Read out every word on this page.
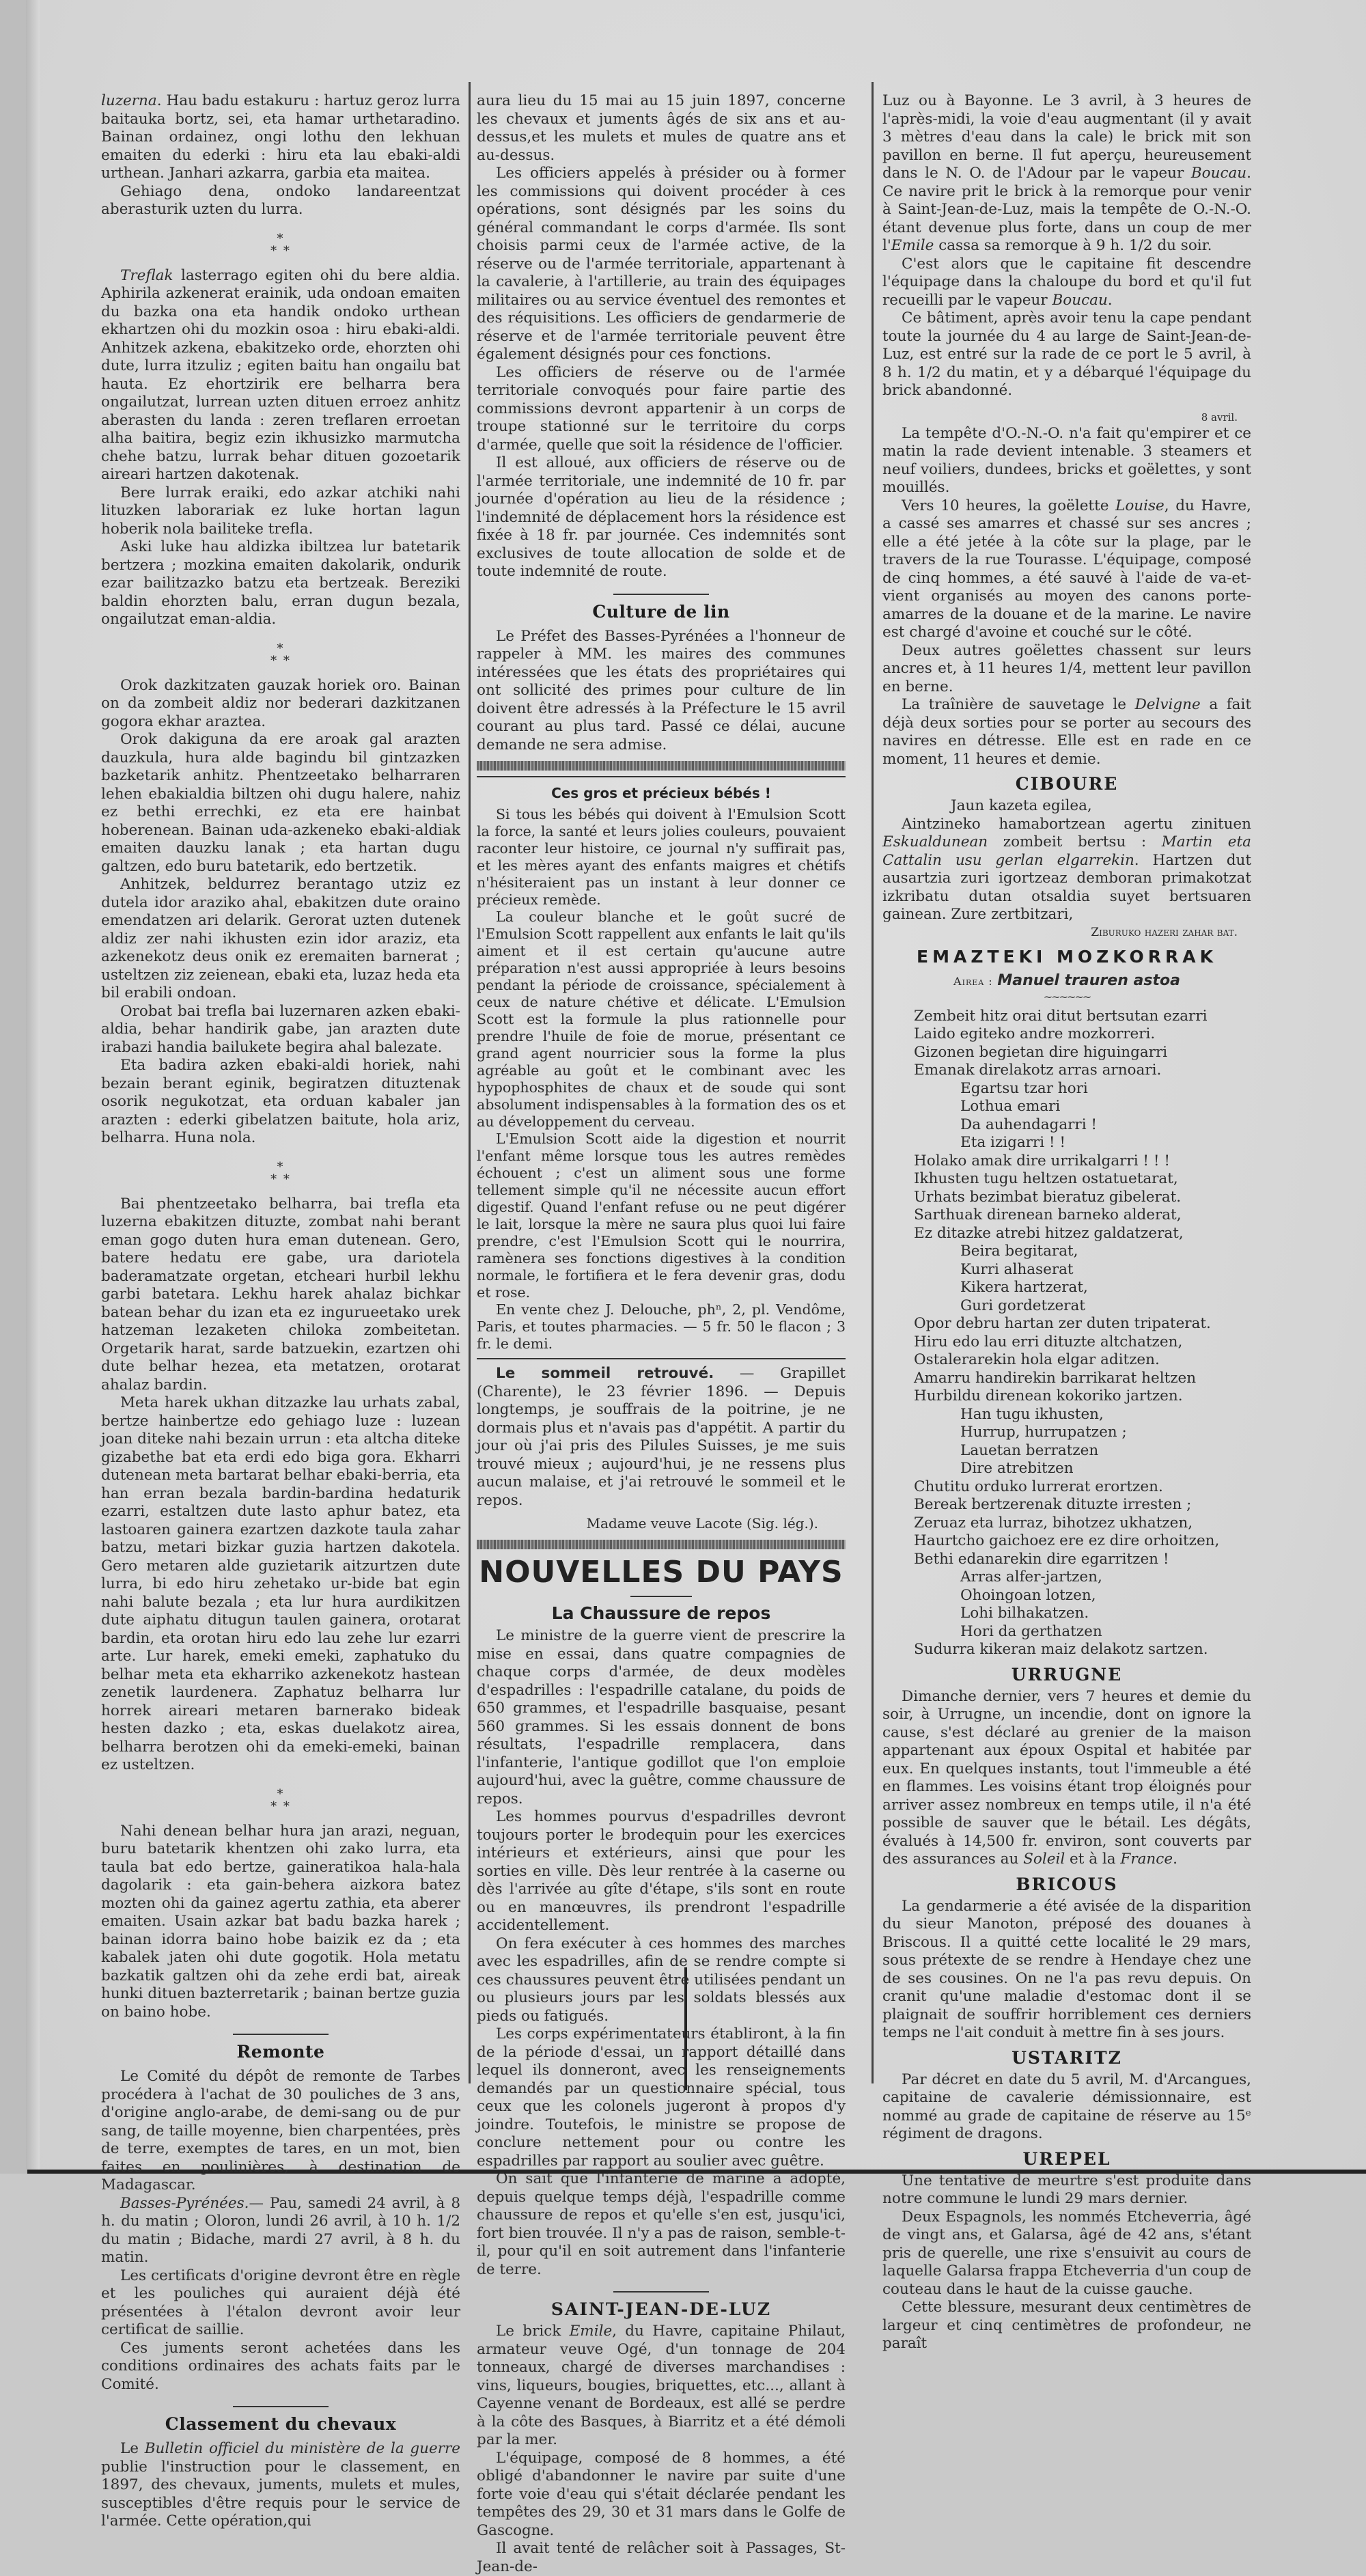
luzerna. Hau badu estakuru : hartuz geroz lurra baitauka bortz, sei, eta hamar urthetaradino. Bainan ordainez, ongi lothu den lekhuan emaiten du ederki : hiru eta lau ebaki-aldi urthean. Janhari azkarra, garbia eta maitea.

Gehiago dena, ondoko landareentzat aberasturik uzten du lurra.

*
* *

Treflak lasterrago egiten ohi du bere aldia. Aphirila azkenerat erainik, uda ondoan emaiten du bazka ona eta handik ondoko urthean ekhartzen ohi du mozkin osoa : hiru ebaki-aldi. Anhitzek azkena, ebakitzeko orde, ehorzten ohi dute, lurra itzuliz ; egiten baitu han ongailu bat hauta. Ez ehortzirik ere belharra bera ongailutzat, lurrean uzten dituen erroez anhitz aberasten du landa : zeren treflaren erroetan alha baitira, begiz ezin ikhusizko marmutcha chehe batzu, lurrak behar dituen gozoetarik aireari hartzen dakotenak.

Bere lurrak eraiki, edo azkar atchiki nahi lituzken laborariak ez luke hortan lagun hoberik nola bailiteke trefla.

Aski luke hau aldizka ibiltzea lur batetarik bertzera ; mozkina emaiten dakolarik, ondurik ezar bailitzazko batzu eta bertzeak. Bereziki baldin ehorzten balu, erran dugun bezala, ongailutzat eman-aldia.

*
* *

Orok dazkitzaten gauzak horiek oro. Bainan on da zombeit aldiz nor bederari dazkitzanen gogora ekhar araztea.

Orok dakiguna da ere aroak gal arazten dauzkula, hura alde bagindu bil gintzazken bazketarik anhitz. Phentzeetako belharraren lehen ebakialdia biltzen ohi dugu halere, nahiz ez bethi errechki, ez eta ere hainbat hoberenean. Bainan uda-azkeneko ebaki-aldiak emaiten dauzku lanak ; eta hartan dugu galtzen, edo buru batetarik, edo bertzetik.

Anhitzek, beldurrez berantago utziz ez dutela idor araziko ahal, ebakitzen dute oraino emendatzen ari delarik. Gerorat uzten dutenek aldiz zer nahi ikhusten ezin idor araziz, eta azkenekotz deus onik ez eremaiten barnerat ; usteltzen ziz zeienean, ebaki eta, luzaz heda eta bil erabili ondoan.

Orobat bai trefla bai luzernaren azken ebaki-aldia, behar handirik gabe, jan arazten dute irabazi handia bailukete begira ahal balezate.

Eta badira azken ebaki-aldi horiek, nahi bezain berant eginik, begiratzen dituztenak osorik negukotzat, eta orduan kabaler jan arazten : ederki gibelatzen baitute, hola ariz, belharra. Huna nola.

*
* *

Bai phentzeetako belharra, bai trefla eta luzerna ebakitzen dituzte, zombat nahi berant eman gogo duten hura eman dutenean. Gero, batere hedatu ere gabe, ura dariotela baderamatzate orgetan, etcheari hurbil lekhu garbi batetara. Lekhu harek ahalaz bichkar batean behar du izan eta ez ingurueetako urek hatzeman lezaketen chiloka zombeitetan. Orgetarik harat, sarde batzuekin, ezartzen ohi dute belhar hezea, eta metatzen, orotarat ahalaz bardin.

Meta harek ukhan ditzazke lau urhats zabal, bertze hainbertze edo gehiago luze : luzean joan diteke nahi bezain urrun : eta altcha diteke gizabethe bat eta erdi edo biga gora. Ekharri dutenean meta bartarat belhar ebaki-berria, eta han erran bezala bardin-bardina hedaturik ezarri, estaltzen dute lasto aphur batez, eta lastoaren gainera ezartzen dazkote taula zahar batzu, metari bizkar guzia hartzen dakotela. Gero metaren alde guzietarik aitzurtzen dute lurra, bi edo hiru zehetako ur-bide bat egin nahi balute bezala ; eta lur hura aurdikitzen dute aiphatu ditugun taulen gainera, orotarat bardin, eta orotan hiru edo lau zehe lur ezarri arte. Lur harek, emeki emeki, zaphatuko du belhar meta eta ekharriko azkenekotz hastean zenetik laurdenera. Zaphatuz belharra lur horrek aireari metaren barnerako bideak hesten dazko ; eta, eskas duelakotz airea, belharra berotzen ohi da emeki-emeki, bainan ez usteltzen.

*
* *

Nahi denean belhar hura jan arazi, neguan, buru batetarik khentzen ohi zako lurra, eta taula bat edo bertze, gaineratikoa hala-hala dagolarik : eta gain-behera aizkora batez mozten ohi da gainez agertu zathia, eta aberer emaiten. Usain azkar bat badu bazka harek ; bainan idorra baino hobe baizik ez da ; eta kabalek jaten ohi dute gogotik. Hola metatu bazkatik galtzen ohi da zehe erdi bat, aireak hunki dituen bazterretarik ; bainan bertze guzia on baino hobe.

Remonte

Le Comité du dépôt de remonte de Tarbes procédera à l'achat de 30 pouliches de 3 ans, d'origine anglo-arabe, de demi-sang ou de pur sang, de taille moyenne, bien charpentées, près de terre, exemptes de tares, en un mot, bien faites en poulinières, à destination de Madagascar.

Basses-Pyrénées.— Pau, samedi 24 avril, à 8 h. du matin ; Oloron, lundi 26 avril, à 10 h. 1/2 du matin ; Bidache, mardi 27 avril, à 8 h. du matin.

Les certificats d'origine devront être en règle et les pouliches qui auraient déjà été présentées à l'étalon devront avoir leur certificat de saillie.

Ces juments seront achetées dans les conditions ordinaires des achats faits par le Comité.

Classement du chevaux

Le Bulletin officiel du ministère de la guerre publie l'instruction pour le classement, en 1897, des chevaux, juments, mulets et mules, susceptibles d'être requis pour le service de l'armée. Cette opération,qui

aura lieu du 15 mai au 15 juin 1897, concerne les chevaux et juments âgés de six ans et au-dessus,et les mulets et mules de quatre ans et au-dessus.

Les officiers appelés à présider ou à former les commissions qui doivent procéder à ces opérations, sont désignés par les soins du général commandant le corps d'armée. Ils sont choisis parmi ceux de l'armée active, de la réserve ou de l'armée territoriale, appartenant à la cavalerie, à l'artillerie, au train des équipages militaires ou au service éventuel des remontes et des réquisitions. Les officiers de gendarmerie de réserve et de l'armée territoriale peuvent être également désignés pour ces fonctions.

Les officiers de réserve ou de l'armée territoriale convoqués pour faire partie des commissions devront appartenir à un corps de troupe stationné sur le territoire du corps d'armée, quelle que soit la résidence de l'officier.

Il est alloué, aux officiers de réserve ou de l'armée territoriale, une indemnité de 10 fr. par journée d'opération au lieu de la résidence ; l'indemnité de déplacement hors la résidence est fixée à 18 fr. par journée. Ces indemnités sont exclusives de toute allocation de solde et de toute indemnité de route.

Culture de lin

Le Préfet des Basses-Pyrénées a l'honneur de rappeler à MM. les maires des communes intéressées que les états des propriétaires qui ont sollicité des primes pour culture de lin doivent être adressés à la Préfecture le 15 avril courant au plus tard. Passé ce délai, aucune demande ne sera admise.

Ces gros et précieux bébés !

Si tous les bébés qui doivent à l'Emulsion Scott la force, la santé et leurs jolies couleurs, pouvaient raconter leur histoire, ce journal n'y suffirait pas, et les mères ayant des enfants maigres et chétifs n'hésiteraient pas un instant à leur donner ce précieux remède.

La couleur blanche et le goût sucré de l'Emulsion Scott rappellent aux enfants le lait qu'ils aiment et il est certain qu'aucune autre préparation n'est aussi appropriée à leurs besoins pendant la période de croissance, spécialement à ceux de nature chétive et délicate. L'Emulsion Scott est la formule la plus rationnelle pour prendre l'huile de foie de morue, présentant ce grand agent nourricier sous la forme la plus agréable au goût et le combinant avec les hypophosphites de chaux et de soude qui sont absolument indispensables à la formation des os et au développement du cerveau.

L'Emulsion Scott aide la digestion et nourrit l'enfant même lorsque tous les autres remèdes échouent ; c'est un aliment sous une forme tellement simple qu'il ne nécessite aucun effort digestif. Quand l'enfant refuse ou ne peut digérer le lait, lorsque la mère ne saura plus quoi lui faire prendre, c'est l'Emulsion Scott qui le nourrira, ramènera ses fonctions digestives à la condition normale, le fortifiera et le fera devenir gras, dodu et rose.

En vente chez J. Delouche, phⁿ, 2, pl. Vendôme, Paris, et toutes pharmacies. — 5 fr. 50 le flacon ; 3 fr. le demi.

Le sommeil retrouvé. — Grapillet (Charente), le 23 février 1896. — Depuis longtemps, je souffrais de la poitrine, je ne dormais plus et n'avais pas d'appétit. A partir du jour où j'ai pris des Pilules Suisses, je me suis trouvé mieux ; aujourd'hui, je ne ressens plus aucun malaise, et j'ai retrouvé le sommeil et le repos.

Madame veuve Lacote (Sig. lég.).
NOUVELLES DU PAYS
La Chaussure de repos

Le ministre de la guerre vient de prescrire la mise en essai, dans quatre compagnies de chaque corps d'armée, de deux modèles d'espadrilles : l'espadrille catalane, du poids de 650 grammes, et l'espadrille basquaise, pesant 560 grammes. Si les essais donnent de bons résultats, l'espadrille remplacera, dans l'infanterie, l'antique godillot que l'on emploie aujourd'hui, avec la guêtre, comme chaussure de repos.

Les hommes pourvus d'espadrilles devront toujours porter le brodequin pour les exercices intérieurs et extérieurs, ainsi que pour les sorties en ville. Dès leur rentrée à la caserne ou dès l'arrivée au gîte d'étape, s'ils sont en route ou en manœuvres, ils prendront l'espadrille accidentellement.

On fera exécuter à ces hommes des marches avec les espadrilles, afin de se rendre compte si ces chaussures peuvent être utilisées pendant un ou plusieurs jours par les soldats blessés aux pieds ou fatigués.

Les corps expérimentateurs établiront, à la fin de la période d'essai, un rapport détaillé dans lequel ils donneront, avec les renseignements demandés par un questionnaire spécial, tous ceux que les colonels jugeront à propos d'y joindre. Toutefois, le ministre se propose de conclure nettement pour ou contre les espadrilles par rapport au soulier avec guêtre.

On sait que l'infanterie de marine a adopté, depuis quelque temps déjà, l'espadrille comme chaussure de repos et qu'elle s'en est, jusqu'ici, fort bien trouvée. Il n'y a pas de raison, semble-t-il, pour qu'il en soit autrement dans l'infanterie de terre.

SAINT-JEAN-DE-LUZ

Le brick Emile, du Havre, capitaine Philaut, armateur veuve Ogé, d'un tonnage de 204 tonneaux, chargé de diverses marchandises : vins, liqueurs, bougies, briquettes, etc..., allant à Cayenne venant de Bordeaux, est allé se perdre à la côte des Basques, à Biarritz et a été démoli par la mer.

L'équipage, composé de 8 hommes, a été obligé d'abandonner le navire par suite d'une forte voie d'eau qui s'était déclarée pendant les tempêtes des 29, 30 et 31 mars dans le Golfe de Gascogne.

Il avait tenté de relâcher soit à Passages, St-Jean-de-

Luz ou à Bayonne. Le 3 avril, à 3 heures de l'après-midi, la voie d'eau augmentant (il y avait 3 mètres d'eau dans la cale) le brick mit son pavillon en berne. Il fut aperçu, heureusement dans le N. O. de l'Adour par le vapeur Boucau. Ce navire prit le brick à la remorque pour venir à Saint-Jean-de-Luz, mais la tempête de O.-N.-O. étant devenue plus forte, dans un coup de mer l'Emile cassa sa remorque à 9 h. 1/2 du soir.

C'est alors que le capitaine fit descendre l'équipage dans la chaloupe du bord et qu'il fut recueilli par le vapeur Boucau.

Ce bâtiment, après avoir tenu la cape pendant toute la journée du 4 au large de Saint-Jean-de-Luz, est entré sur la rade de ce port le 5 avril, à 8 h. 1/2 du matin, et y a débarqué l'équipage du brick abandonné.

8 avril.

La tempête d'O.-N.-O. n'a fait qu'empirer et ce matin la rade devient intenable. 3 steamers et neuf voiliers, dundees, bricks et goëlettes, y sont mouillés.

Vers 10 heures, la goëlette Louise, du Havre, a cassé ses amarres et chassé sur ses ancres ; elle a été jetée à la côte sur la plage, par le travers de la rue Tourasse. L'équipage, composé de cinq hommes, a été sauvé à l'aide de va-et-vient organisés au moyen des canons porte-amarres de la douane et de la marine. Le navire est chargé d'avoine et couché sur le côté.

Deux autres goëlettes chassent sur leurs ancres et, à 11 heures 1/4, mettent leur pavillon en berne.

La traînière de sauvetage le Delvigne a fait déjà deux sorties pour se porter au secours des navires en détresse. Elle est en rade en ce moment, 11 heures et demie.

CIBOURE

Jaun kazeta egilea,

Aintzineko hamabortzean agertu zinituen Eskualdunean zombeit bertsu : Martin eta Cattalin usu gerlan elgarrekin. Hartzen dut ausartzia zuri igortzeaz demboran primakotzat izkribatu dutan otsaldia suyet bertsuaren gainean. Zure zertbitzari,

Ziburuko hazeri zahar bat.
EMAZTEKI MOZKORRAK
Airea : Manuel trauren astoa
~~~~~~
Zembeit hitz orai ditut bertsutan ezarri
Laido egiteko andre mozkorreri.
Gizonen begietan dire higuingarri
Emanak direlakotz arras arnoari.
Egartsu tzar hori
Lothua emari
Da auhendagarri !
Eta izigarri ! !
Holako amak dire urrikalgarri ! ! !
Ikhusten tugu heltzen ostatuetarat,
Urhats bezimbat bieratuz gibelerat.
Sarthuak direnean barneko alderat,
Ez ditazke atrebi hitzez galdatzerat,
Beira begitarat,
Kurri alhaserat
Kikera hartzerat,
Guri gordetzerat
Opor debru hartan zer duten tripaterat.
Hiru edo lau erri dituzte altchatzen,
Ostalerarekin hola elgar aditzen.
Amarru handirekin barrikarat heltzen
Hurbildu direnean kokoriko jartzen.
Han tugu ikhusten,
Hurrup, hurrupatzen ;
Lauetan berratzen
Dire atrebitzen
Chutitu orduko lurrerat erortzen.
Bereak bertzerenak dituzte irresten ;
Zeruaz eta lurraz, bihotzez ukhatzen,
Haurtcho gaichoez ere ez dire orhoitzen,
Bethi edanarekin dire egarritzen !
Arras alfer-jartzen,
Ohoingoan lotzen,
Lohi bilhakatzen.
Hori da gerthatzen
Sudurra kikeran maiz delakotz sartzen.
URRUGNE

Dimanche dernier, vers 7 heures et demie du soir, à Urrugne, un incendie, dont on ignore la cause, s'est déclaré au grenier de la maison appartenant aux époux Ospital et habitée par eux. En quelques instants, tout l'immeuble a été en flammes. Les voisins étant trop éloignés pour arriver assez nombreux en temps utile, il n'a été possible de sauver que le bétail. Les dégâts, évalués à 14,500 fr. environ, sont couverts par des assurances au Soleil et à la France.

BRICOUS

La gendarmerie a été avisée de la disparition du sieur Manoton, préposé des douanes à Briscous. Il a quitté cette localité le 29 mars, sous prétexte de se rendre à Hendaye chez une de ses cousines. On ne l'a pas revu depuis. On cranit qu'une maladie d'estomac dont il se plaignait de souffrir horriblement ces derniers temps ne l'ait conduit à mettre fin à ses jours.

USTARITZ

Par décret en date du 5 avril, M. d'Arcangues, capitaine de cavalerie démissionnaire, est nommé au grade de capitaine de réserve au 15ᵉ régiment de dragons.

UREPEL

Une tentative de meurtre s'est produite dans notre commune le lundi 29 mars dernier.

Deux Espagnols, les nommés Etcheverria, âgé de vingt ans, et Galarsa, âgé de 42 ans, s'étant pris de querelle, une rixe s'ensuivit au cours de laquelle Galarsa frappa Etcheverria d'un coup de couteau dans le haut de la cuisse gauche.

Cette blessure, mesurant deux centimètres de largeur et cinq centimètres de profondeur, ne paraît
